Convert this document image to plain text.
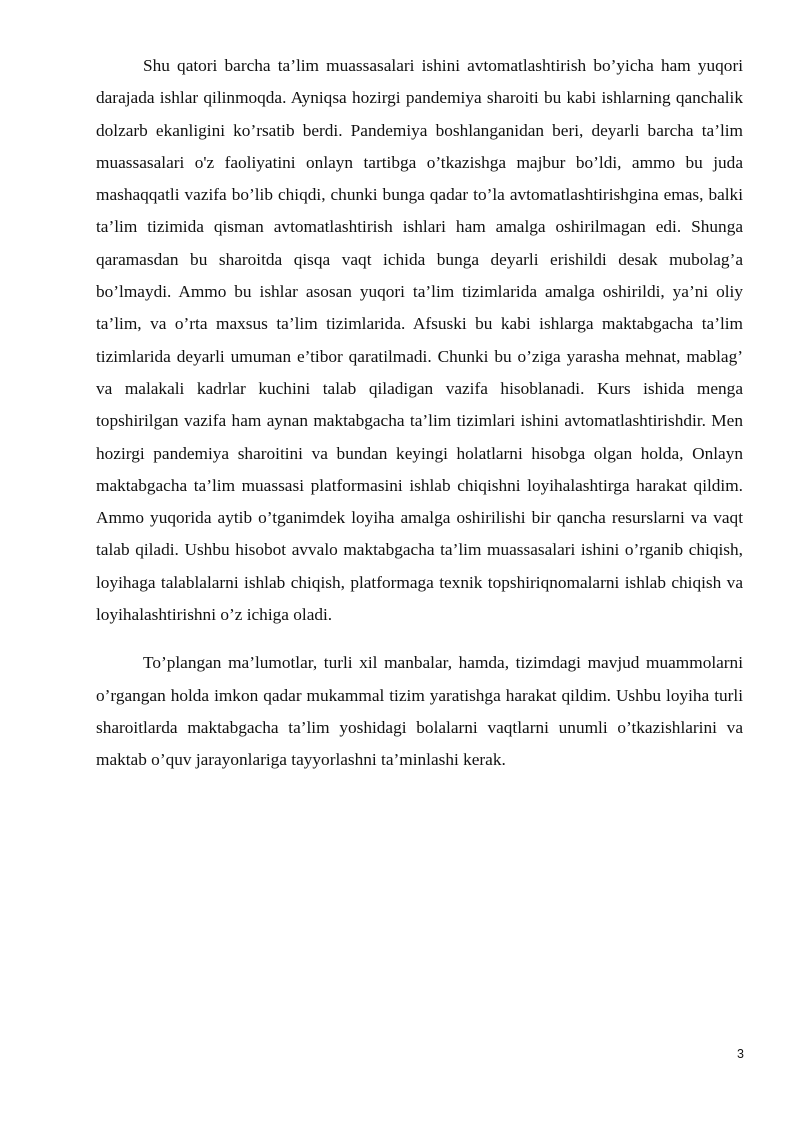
Shu qatori barcha ta’lim muassasalari ishini avtomatlashtirish bo’yicha ham yuqori darajada ishlar qilinmoqda. Ayniqsa hozirgi pandemiya sharoiti bu kabi ishlarning qanchalik dolzarb ekanligini ko’rsatib berdi. Pandemiya boshlanganidan beri, deyarli barcha ta’lim muassasalari o'z faoliyatini onlayn tartibga o’tkazishga majbur bo’ldi, ammo bu juda mashaqqatli vazifa bo’lib chiqdi, chunki bunga qadar to’la avtomatlashtirishgina emas, balki ta’lim tizimida qisman avtomatlashtirish ishlari ham amalga oshirilmagan edi. Shunga qaramasdan bu sharoitda qisqa vaqt ichida bunga deyarli erishildi desak mubolag’a bo’lmaydi. Ammo bu ishlar asosan yuqori ta’lim tizimlarida amalga oshirildi, ya’ni oliy ta’lim, va o’rta maxsus ta’lim tizimlarida. Afsuski bu kabi ishlarga maktabgacha ta’lim tizimlarida deyarli umuman e’tibor qaratilmadi. Chunki bu o’ziga yarasha mehnat, mablag’ va malakali kadrlar kuchini talab qiladigan vazifa hisoblanadi. Kurs ishida menga topshirilgan vazifa ham aynan maktabgacha ta’lim tizimlari ishini avtomatlashtirishdir. Men hozirgi pandemiya sharoitini va bundan keyingi holatlarni hisobga olgan holda, Onlayn maktabgacha ta’lim muassasi platformasini ishlab chiqishni loyihalashtirga harakat qildim. Ammo yuqorida aytib o’tganimdek loyiha amalga oshirilishi bir qancha resurslarni va vaqt talab qiladi. Ushbu hisobot avvalo maktabgacha ta’lim muassasalari ishini o’rganib chiqish, loyihaga talablalarni ishlab chiqish, platformaga texnik topshiriqnomalarni ishlab chiqish va loyihalashtirishni o’z ichiga oladi.

To’plangan ma’lumotlar, turli xil manbalar, hamda, tizimdagi mavjud muammolarni o’rgangan holda imkon qadar mukammal tizim yaratishga harakat qildim. Ushbu loyiha turli sharoitlarda maktabgacha ta’lim yoshidagi bolalarni vaqtlarni unumli o’tkazishlarini va maktab o’quv jarayonlariga tayyorlashni ta’minlashi kerak.

3
